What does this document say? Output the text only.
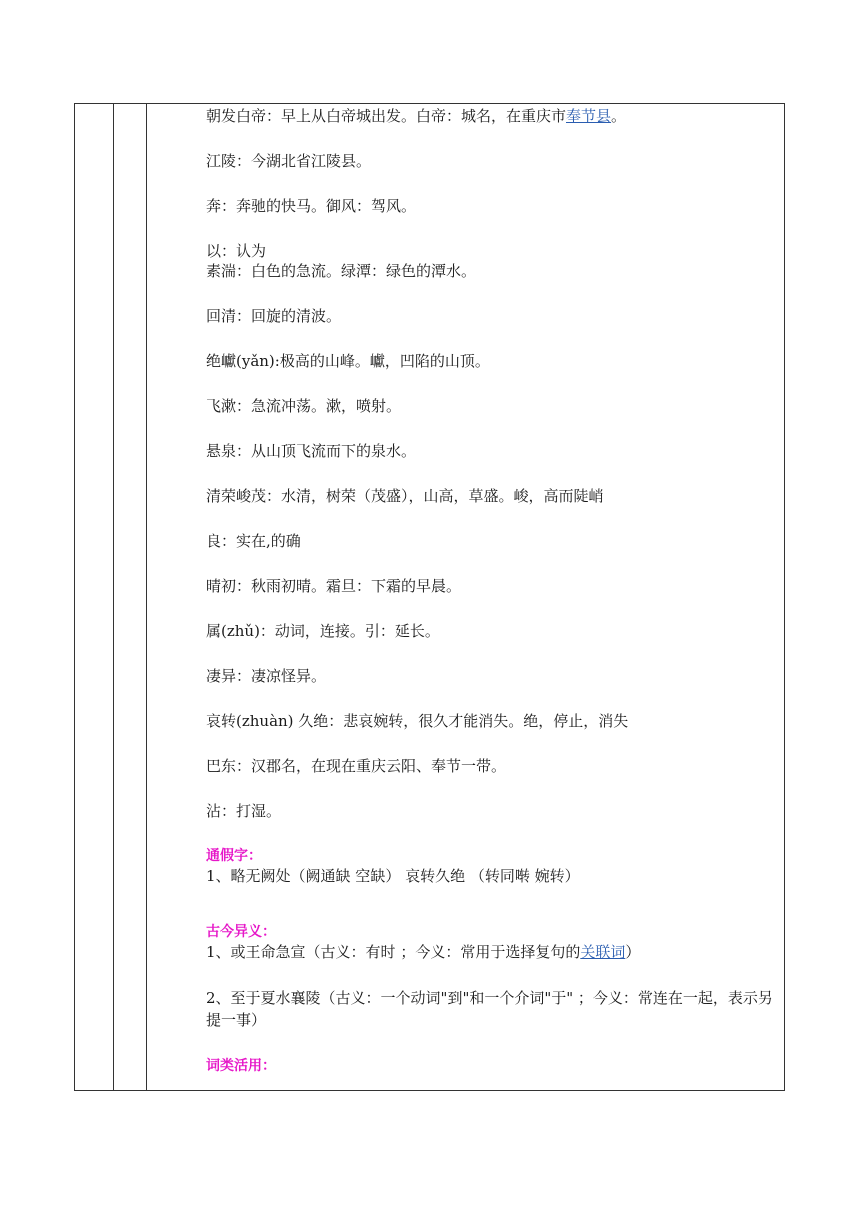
朝发白帝：早上从白帝城出发。白帝：城名，在重庆市奉节县。

江陵：今湖北省江陵县。

奔：奔驰的快马。御风：驾风。

以：认为

素湍：白色的急流。绿潭：绿色的潭水。

回清：回旋的清波。

绝巘(yǎn):极高的山峰。巘，凹陷的山顶。

飞漱：急流冲荡。漱，喷射。

悬泉：从山顶飞流而下的泉水。

清荣峻茂：水清，树荣（茂盛），山高，草盛。峻，高而陡峭

良：实在,的确

晴初：秋雨初晴。霜旦：下霜的早晨。

属(zhǔ)：动词，连接。引：延长。

凄异：凄凉怪异。

哀转(zhuàn) 久绝：悲哀婉转，很久才能消失。绝，停止，消失

巴东：汉郡名，在现在重庆云阳、奉节一带。

沾：打湿。

通假字：

1、略无阙处（阙通缺 空缺） 哀转久绝 （转同啭 婉转）

古今异义：

1、或王命急宣（古义：有时 ；今义：常用于选择复句的关联词）

2、至于夏水襄陵（古义：一个动词"到"和一个介词"于" ；今义：常连在一起，表示另提一事）

词类活用：
